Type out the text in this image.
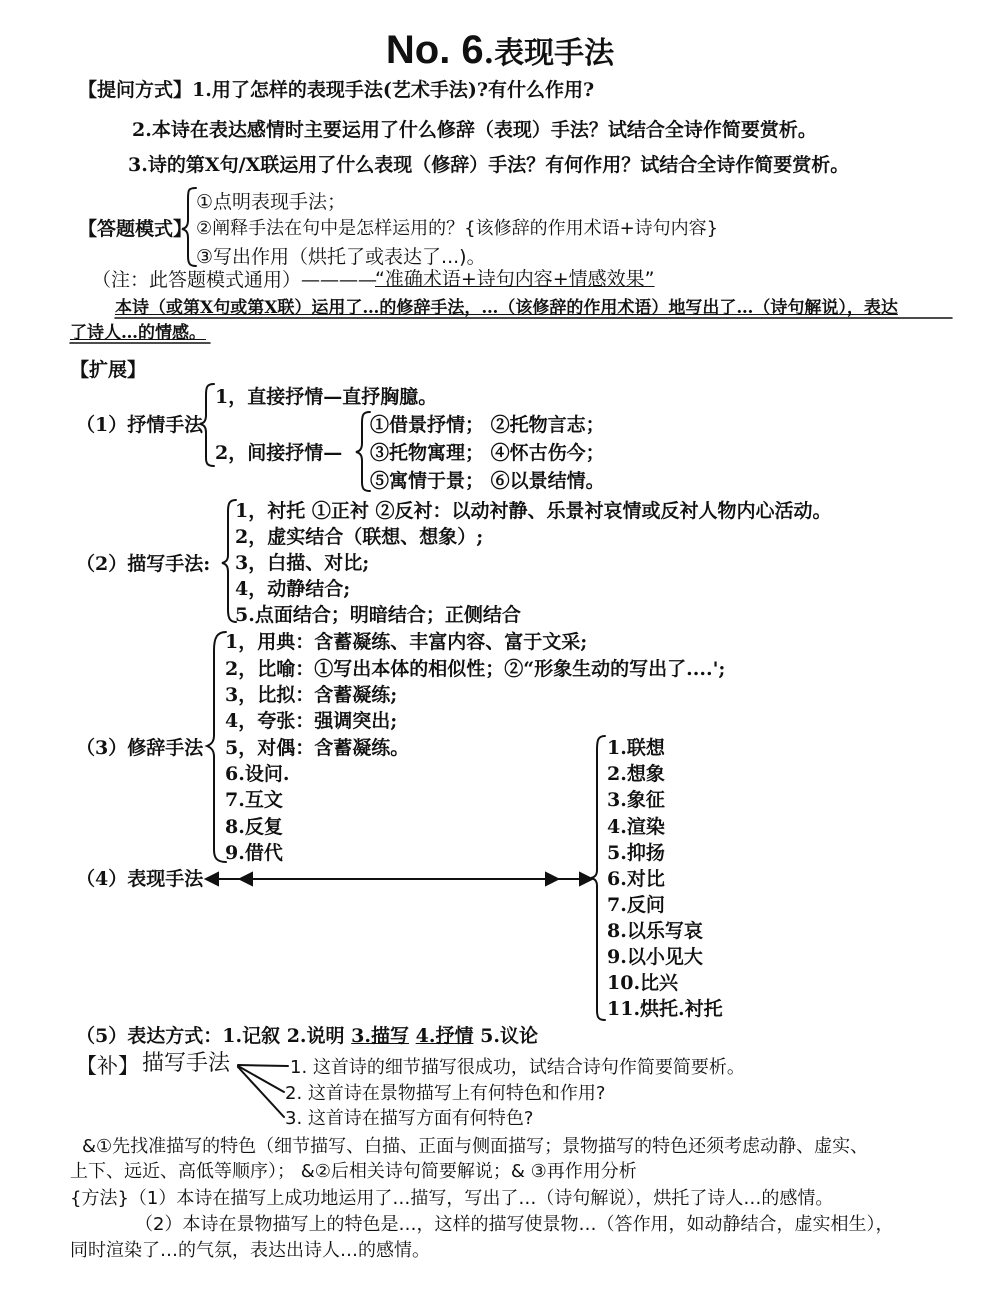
No. 6.表现手法
【提问方式】 1.用了怎样的表现手法(艺术手法)?有什么作用?
2.本诗在表达感情时主要运用了什么修辞（表现）手法？试结合全诗作简要赏析。
3.诗的第X句/X联运用了什么表现（修辞）手法？有何作用？试结合全诗作简要赏析。
【答题模式】
①点明表现手法；
②阐释手法在句中是怎样运用的？{该修辞的作用术语+诗句内容}
③写出作用（烘托了或表达了...)。
（注：此答题模式通用）————
“准确术语+诗句内容+情感效果”
本诗（或第X句或第X联）运用了…的修辞手法，…（该修辞的作用术语）地写出了…（诗句解说），表达
了诗人…的情感。
【扩展】
（1）抒情手法
1，直接抒情—直抒胸臆。
2，间接抒情—
①借景抒情； ②托物言志；
③托物寓理； ④怀古伤今；
⑤寓情于景； ⑥以景结情。
（2）描写手法:
1，衬托 ①正衬 ②反衬：以动衬静、乐景衬哀情或反衬人物内心活动。
2，虚实结合（联想、想象）;
3，白描、对比;
4，动静结合;
5.点面结合；明暗结合；正侧结合
（3）修辞手法
1，用典：含蓄凝练、丰富内容、富于文采;
2，比喻：①写出本体的相似性；②“形象生动的写出了....';
3，比拟：含蓄凝练;
4，夸张：强调突出;
5，对偶：含蓄凝练。
6.设问.
7.互文
8.反复
9.借代
（4）表现手法
1.联想
2.想象
3.象征
4.渲染
5.抑扬
6.对比
7.反问
8.以乐写哀
9.以小见大
10.比兴
11.烘托.衬托
（5）表达方式：1.记叙 2.说明 3.描写 4.抒情 5.议论
【补】 描写手法	1. 这首诗的细节描写很成功，试结合诗句作简要简要析。
2. 这首诗在景物描写上有何特色和作用?
3. 这首诗在描写方面有何特色?
&①先找准描写的特色（细节描写、白描、正面与侧面描写；景物描写的特色还须考虑动静、虚实、
上下、远近、高低等顺序）； &②后相关诗句简要解说；& ③再作用分析
{方法}（1）本诗在描写上成功地运用了…描写，写出了…（诗句解说），烘托了诗人…的感情。
（2）本诗在景物描写上的特色是…，这样的描写使景物…（答作用，如动静结合，虚实相生），
同时渲染了…的气氛，表达出诗人…的感情。
